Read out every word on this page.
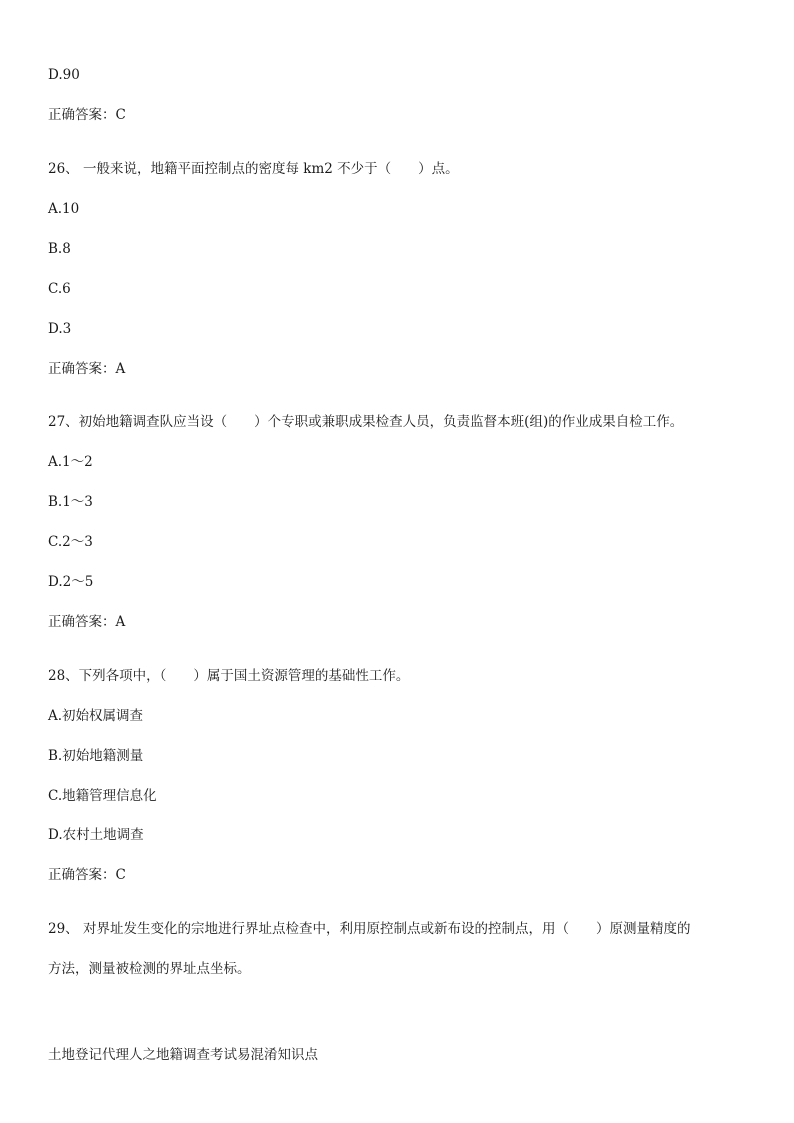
D.90
正确答案：C
26、 一般来说，地籍平面控制点的密度每 km2 不少于（　　）点。
A.10
B.8
C.6
D.3
正确答案：A
27、初始地籍调查队应当设（　　）个专职或兼职成果检查人员，负责监督本班(组)的作业成果自检工作。
A.1～2
B.1～3
C.2～3
D.2～5
正确答案：A
28、下列各项中，（　　）属于国土资源管理的基础性工作。
A.初始权属调查
B.初始地籍测量
C.地籍管理信息化
D.农村土地调查
正确答案：C
29、 对界址发生变化的宗地进行界址点检查中，利用原控制点或新布设的控制点，用（　　）原测量精度的
方法，测量被检测的界址点坐标。
土地登记代理人之地籍调查考试易混淆知识点
